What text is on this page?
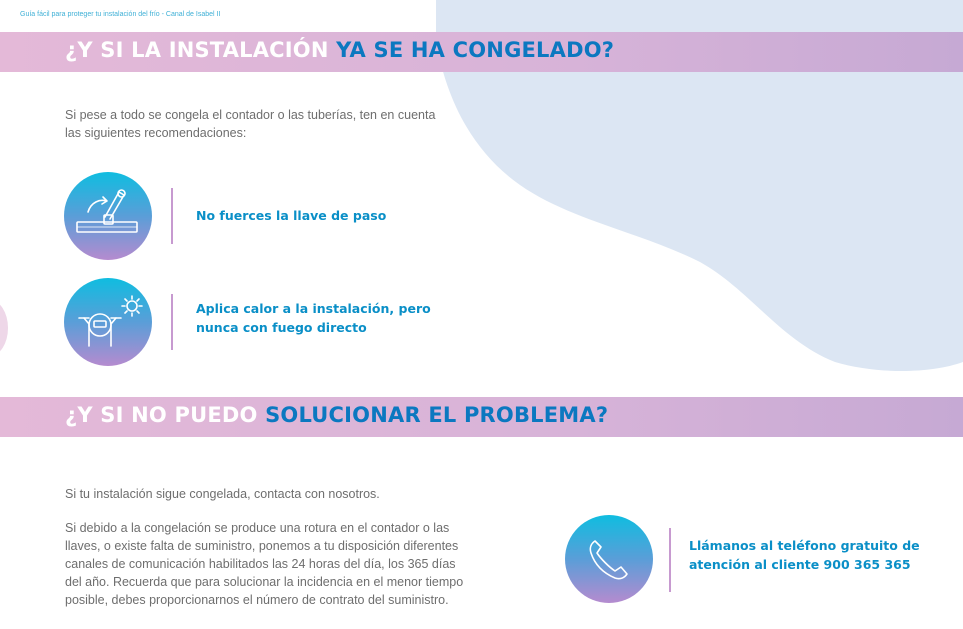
Guía fácil para proteger tu instalación del frío - Canal de Isabel II
¿Y SI LA INSTALACIÓN YA SE HA CONGELADO?
Si pese a todo se congela el contador o las tuberías, ten en cuenta las siguientes recomendaciones:
No fuerces la llave de paso
Aplica calor a la instalación, pero nunca con fuego directo
¿Y SI NO PUEDO SOLUCIONAR EL PROBLEMA?
Si tu instalación sigue congelada, contacta con nosotros.
Si debido a la congelación se produce una rotura en el contador o las llaves, o existe falta de suministro, ponemos a tu disposición diferentes canales de comunicación habilitados las 24 horas del día, los 365 días del año. Recuerda que para solucionar la incidencia en el menor tiempo posible, debes proporcionarnos el número de contrato del suministro.
Llámanos al teléfono gratuito de atención al cliente 900 365 365
